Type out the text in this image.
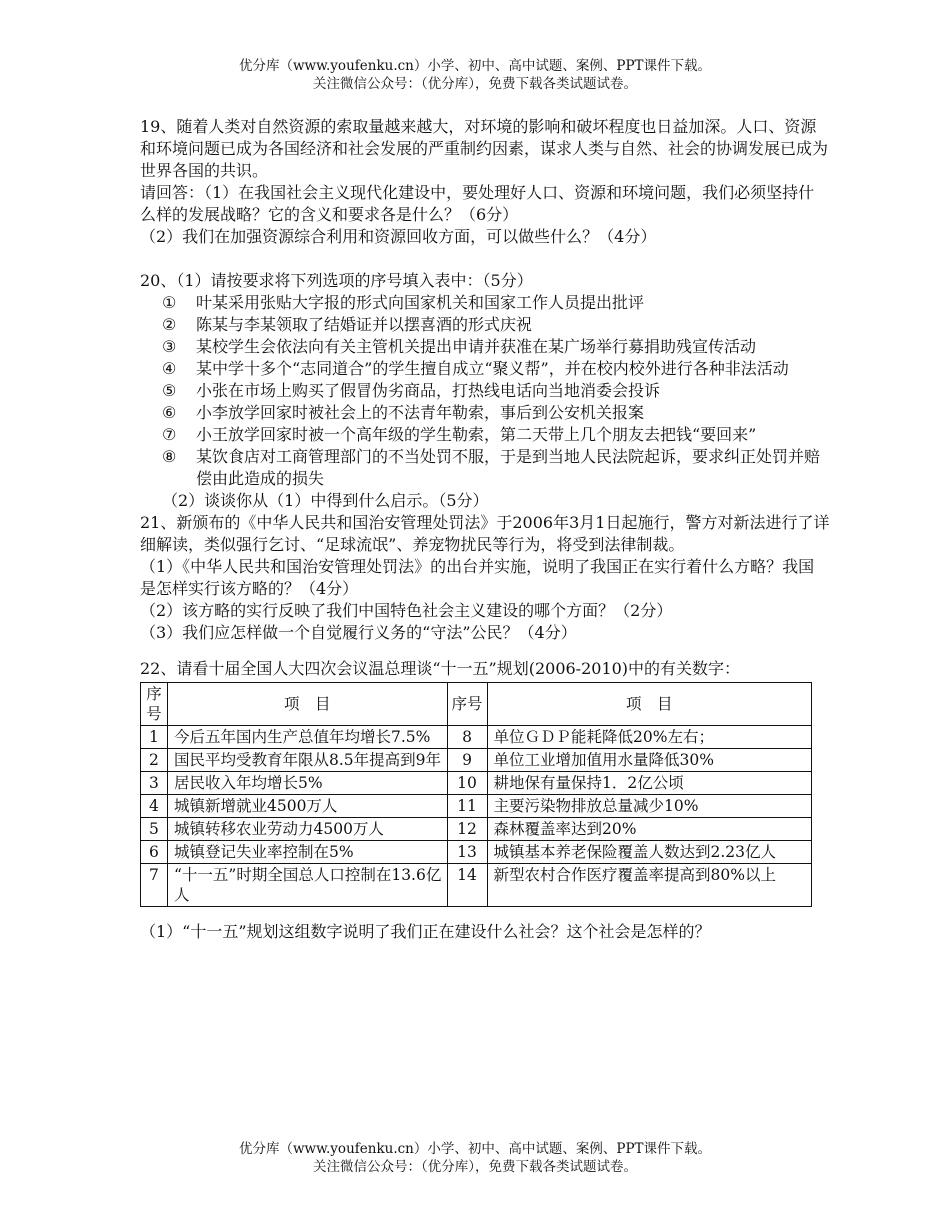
优分库（www.youfenku.cn）小学、初中、高中试题、案例、PPT课件下载。
关注微信公众号：（优分库），免费下载各类试题试卷。

19、随着人类对自然资源的索取量越来越大，对环境的影响和破坏程度也日益加深。人口、资源和环境问题已成为各国经济和社会发展的严重制约因素，谋求人类与自然、社会的协调发展已成为世界各国的共识。

请回答：（1）在我国社会主义现代化建设中，要处理好人口、资源和环境问题，我们必须坚持什么样的发展战略？它的含义和要求各是什么？（6分）

（2）我们在加强资源综合利用和资源回收方面，可以做些什么？（4分）

20、（1）请按要求将下列选项的序号填入表中：（5分）

①	叶某采用张贴大字报的形式向国家机关和国家工作人员提出批评
②	陈某与李某领取了结婚证并以摆喜酒的形式庆祝
③	某校学生会依法向有关主管机关提出申请并获准在某广场举行募捐助残宣传活动
④	某中学十多个“志同道合”的学生擅自成立“聚义帮”，并在校内校外进行各种非法活动
⑤	小张在市场上购买了假冒伪劣商品，打热线电话向当地消委会投诉
⑥	小李放学回家时被社会上的不法青年勒索，事后到公安机关报案
⑦	小王放学回家时被一个高年级的学生勒索，第二天带上几个朋友去把钱“要回来”
⑧	某饮食店对工商管理部门的不当处罚不服，于是到当地人民法院起诉，要求纠正处罚并赔偿由此造成的损失

（2）谈谈你从（1）中得到什么启示。（5分）

21、新颁布的《中华人民共和国治安管理处罚法》于2006年3月1日起施行，警方对新法进行了详细解读，类似强行乞讨、“足球流氓”、养宠物扰民等行为，将受到法律制裁。

（1）《中华人民共和国治安管理处罚法》的出台并实施，说明了我国正在实行着什么方略？我国是怎样实行该方略的？（4分）

（2）该方略的实行反映了我们中国特色社会主义建设的哪个方面？（2分）

（3）我们应怎样做一个自觉履行义务的“守法”公民？（4分）

22、请看十届全国人大四次会议温总理谈“十一五”规划(2006-2010)中的有关数字：

序号	项　目	序号	项　目
1	今后五年国内生产总值年均增长7.5%	8	单位ＧＤＰ能耗降低20%左右；
2	国民平均受教育年限从8.5年提高到9年	9	单位工业增加值用水量降低30%
3	居民收入年均增长5%	10	耕地保有量保持1．2亿公顷
4	城镇新增就业4500万人	11	主要污染物排放总量减少10%
5	城镇转移农业劳动力4500万人	12	森林覆盖率达到20%
6	城镇登记失业率控制在5%	13	城镇基本养老保险覆盖人数达到2.23亿人
7	“十一五”时期全国总人口控制在13.6亿人	14	新型农村合作医疗覆盖率提高到80%以上

（1）“十一五”规划这组数字说明了我们正在建设什么社会？这个社会是怎样的？

优分库（www.youfenku.cn）小学、初中、高中试题、案例、PPT课件下载。
关注微信公众号：（优分库），免费下载各类试题试卷。
